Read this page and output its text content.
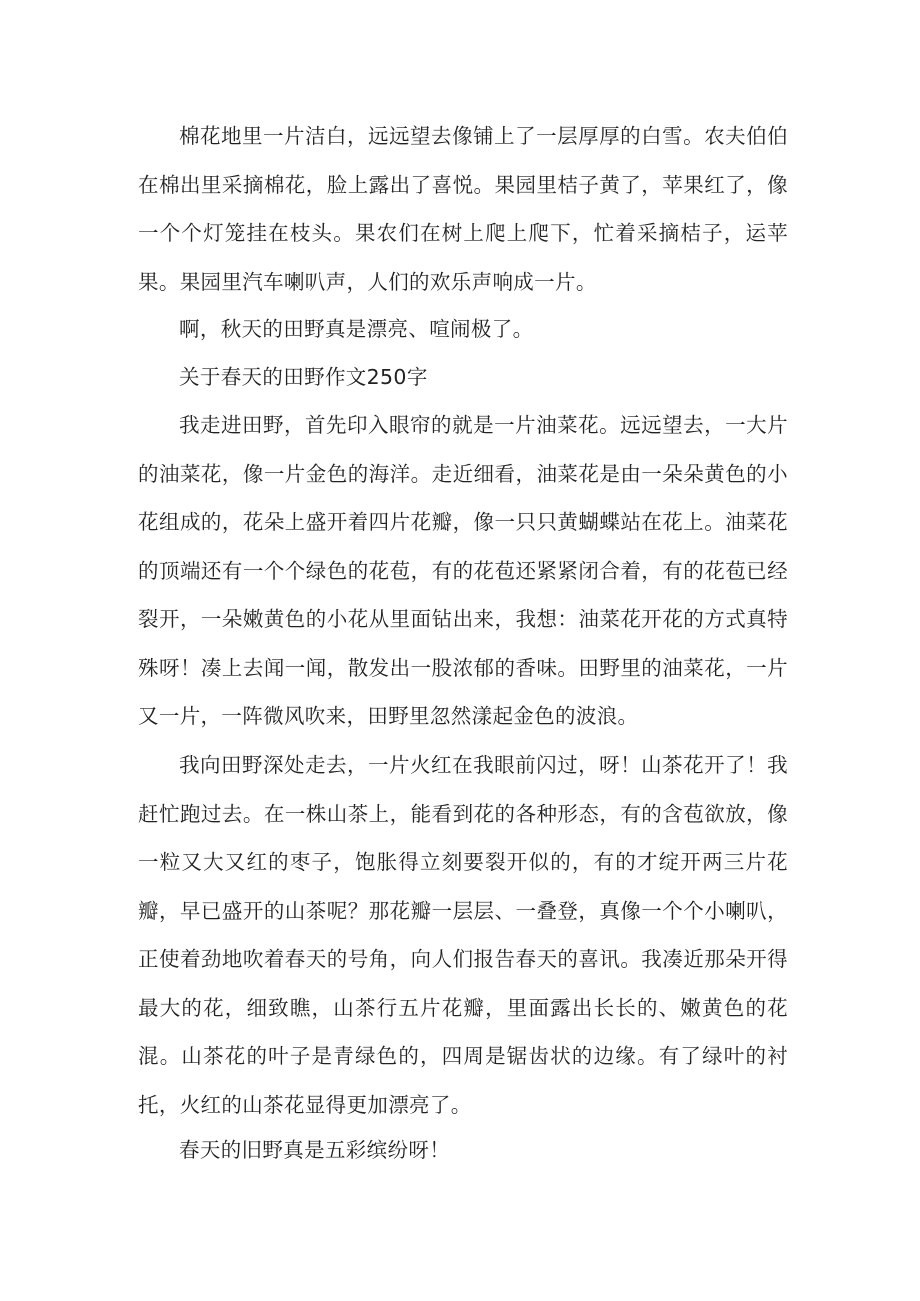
棉花地里一片洁白，远远望去像铺上了一层厚厚的白雪。农夫伯伯在棉出里采摘棉花，脸上露出了喜悦。果园里桔子黄了，苹果红了，像一个个灯笼挂在枝头。果农们在树上爬上爬下，忙着采摘桔子，运苹果。果园里汽车喇叭声，人们的欢乐声响成一片。

啊，秋天的田野真是漂亮、喧闹极了。

关于春天的田野作文250字

我走进田野，首先印入眼帘的就是一片油菜花。远远望去，一大片的油菜花，像一片金色的海洋。走近细看，油菜花是由一朵朵黄色的小花组成的，花朵上盛开着四片花瓣，像一只只黄蝴蝶站在花上。油菜花的顶端还有一个个绿色的花苞，有的花苞还紧紧闭合着，有的花苞已经裂开，一朵嫩黄色的小花从里面钻出来，我想：油菜花开花的方式真特殊呀！凑上去闻一闻，散发出一股浓郁的香味。田野里的油菜花，一片又一片，一阵微风吹来，田野里忽然漾起金色的波浪。

我向田野深处走去，一片火红在我眼前闪过，呀！山茶花开了！我赶忙跑过去。在一株山茶上，能看到花的各种形态，有的含苞欲放，像一粒又大又红的枣子，饱胀得立刻要裂开似的，有的才绽开两三片花瓣，早已盛开的山茶呢？那花瓣一层层、一叠登，真像一个个小喇叭，正使着劲地吹着春天的号角，向人们报告春天的喜讯。我凑近那朵开得最大的花，细致瞧，山茶行五片花瓣，里面露出长长的、嫩黄色的花混。山茶花的叶子是青绿色的，四周是锯齿状的边缘。有了绿叶的衬托，火红的山茶花显得更加漂亮了。

春天的旧野真是五彩缤纷呀！
